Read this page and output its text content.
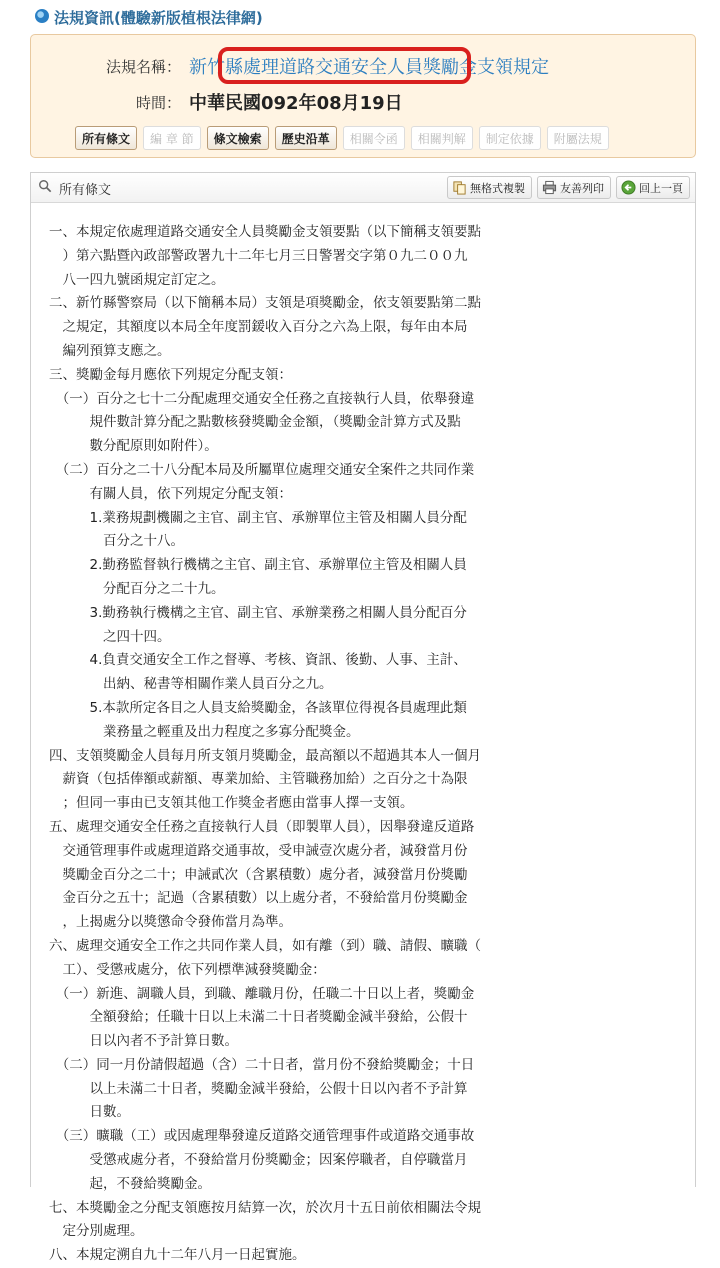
法規資訊(體驗新版植根法律網)
法規名稱： 新竹縣處理道路交通安全人員獎勵金支領規定
時間： 中華民國092年08月19日
所有條文	編 章 節	條文檢索	歷史沿革	相關令函	相關判解	制定依據	附屬法規
所有條文	無格式複製	友善列印	回上一頁
一、本規定依處理道路交通安全人員獎勵金支領要點（以下簡稱支領要點
　）第六點暨內政部警政署九十二年七月三日警署交字第０九二００九
　八一四九號函規定訂定之。
二、新竹縣警察局（以下簡稱本局）支領是項獎勵金，依支領要點第二點
　之規定，其額度以本局全年度罰鍰收入百分之六為上限，每年由本局
　編列預算支應之。
三、獎勵金每月應依下列規定分配支領：
　（一）百分之七十二分配處理交通安全任務之直接執行人員，依舉發違
　　　規件數計算分配之點數核發獎勵金金額，（獎勵金計算方式及點
　　　數分配原則如附件）。
　（二）百分之二十八分配本局及所屬單位處理交通安全案件之共同作業
　　　有關人員，依下列規定分配支領：
　　　1.業務規劃機關之主官、副主官、承辦單位主管及相關人員分配
　　　　百分之十八。
　　　2.勤務監督執行機構之主官、副主官、承辦單位主管及相關人員
　　　　分配百分之二十九。
　　　3.勤務執行機構之主官、副主官、承辦業務之相關人員分配百分
　　　　之四十四。
　　　4.負責交通安全工作之督導、考核、資訊、後勤、人事、主計、
　　　　出納、秘書等相關作業人員百分之九。
　　　5.本款所定各目之人員支給獎勵金，各該單位得視各員處理此類
　　　　業務量之輕重及出力程度之多寡分配獎金。
四、支領獎勵金人員每月所支領月獎勵金，最高額以不超過其本人一個月
　薪資（包括俸額或薪額、專業加給、主管職務加給）之百分之十為限
　；但同一事由已支領其他工作獎金者應由當事人擇一支領。
五、處理交通安全任務之直接執行人員（即製單人員），因舉發違反道路
　交通管理事件或處理道路交通事故，受申誡壹次處分者，減發當月份
　獎勵金百分之二十；申誡貳次（含累積數）處分者，減發當月份獎勵
　金百分之五十；記過（含累積數）以上處分者，不發給當月份獎勵金
　，上揭處分以獎懲命令發佈當月為準。
六、處理交通安全工作之共同作業人員，如有離（到）職、請假、曠職（
　工）、受懲戒處分，依下列標準減發獎勵金：
　（一）新進、調職人員，到職、離職月份，任職二十日以上者，獎勵金
　　　全額發給；任職十日以上未滿二十日者獎勵金減半發給，公假十
　　　日以內者不予計算日數。
　（二）同一月份請假超過（含）二十日者，當月份不發給獎勵金；十日
　　　以上未滿二十日者，獎勵金減半發給，公假十日以內者不予計算
　　　日數。
　（三）曠職（工）或因處理舉發違反道路交通管理事件或道路交通事故
　　　受懲戒處分者，不發給當月份獎勵金；因案停職者，自停職當月
　　　起，不發給獎勵金。
七、本獎勵金之分配支領應按月結算一次，於次月十五日前依相關法令規
　定分別處理。
八、本規定溯自九十二年八月一日起實施。
